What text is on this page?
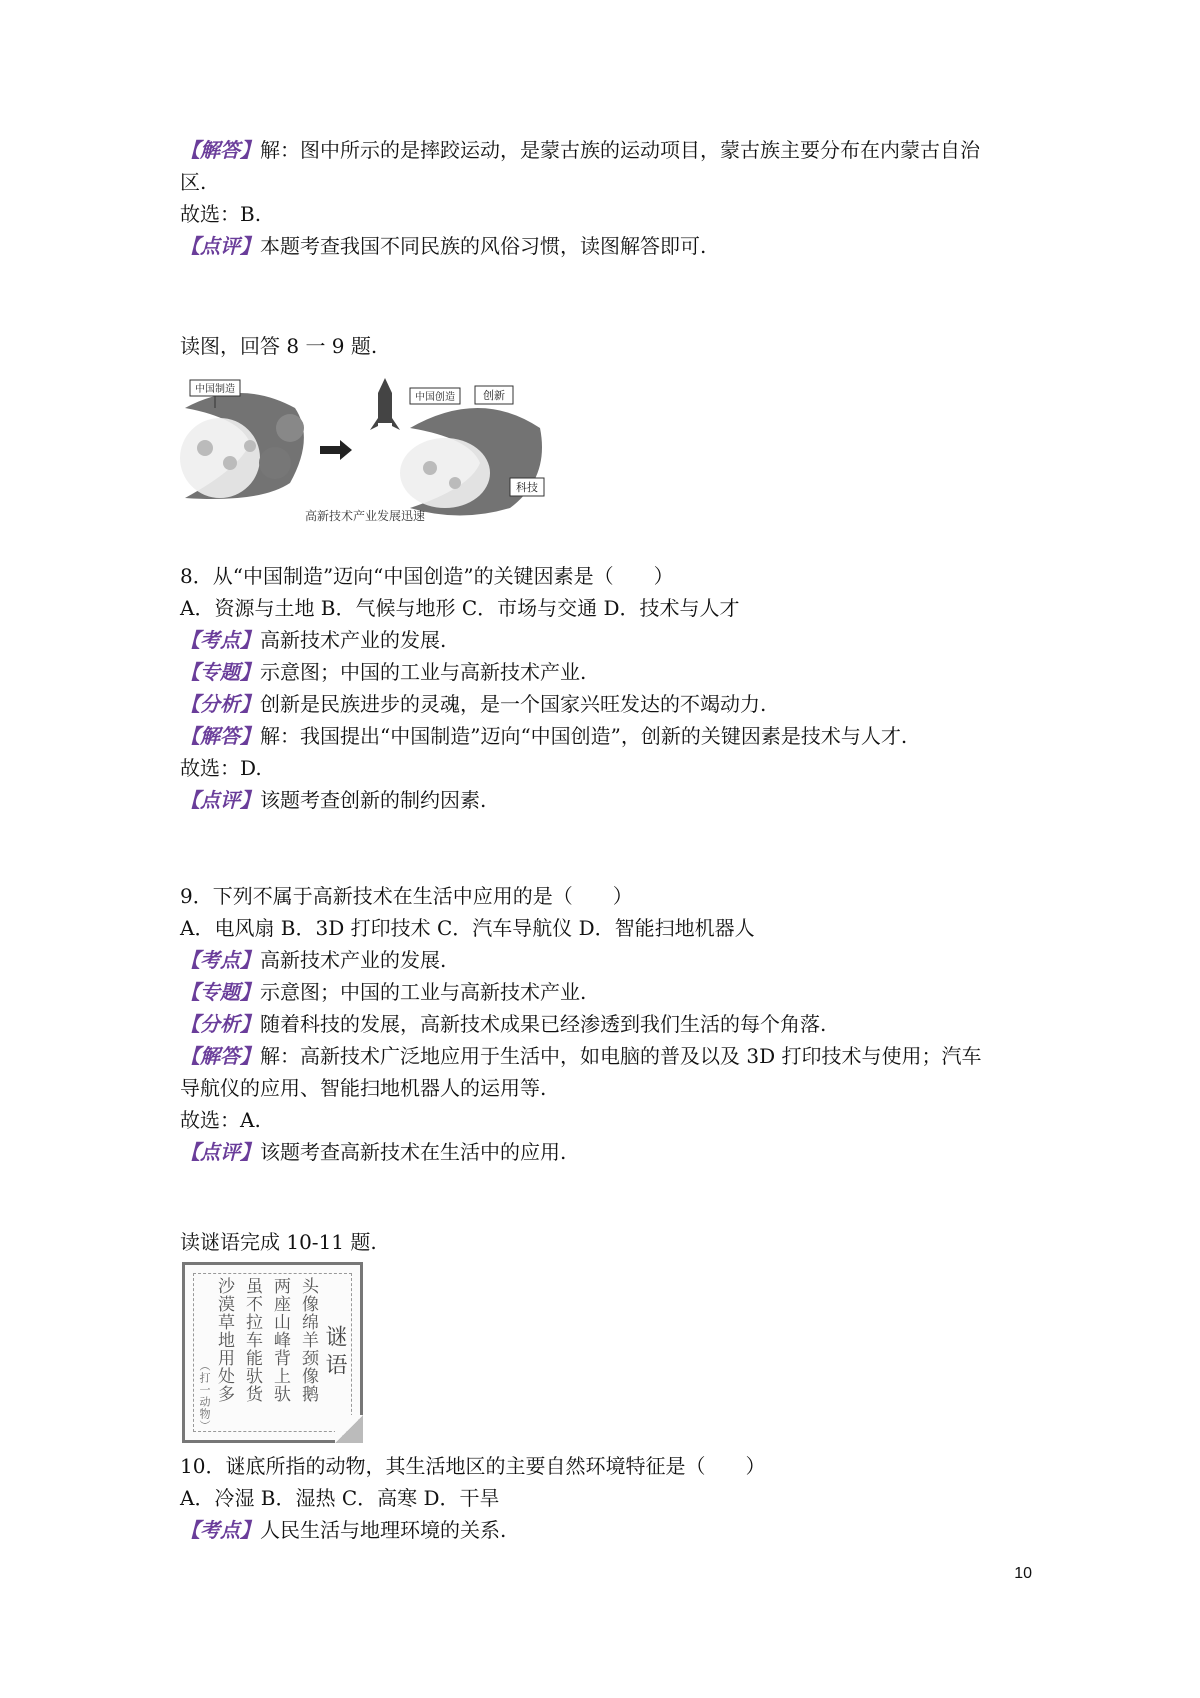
【解答】解：图中所示的是摔跤运动，是蒙古族的运动项目，蒙古族主要分布在内蒙古自治
区.
故选：B.
【点评】本题考查我国不同民族的风俗习惯，读图解答即可.
读图，回答 8 一 9 题.
中国制造
中国创造	创新
科技
高新技术产业发展迅速
8．从“中国制造”迈向“中国创造”的关键因素是（　　）
A．资源与土地 B．气候与地形 C．市场与交通 D．技术与人才
【考点】高新技术产业的发展.
【专题】示意图；中国的工业与高新技术产业.
【分析】创新是民族进步的灵魂，是一个国家兴旺发达的不竭动力.
【解答】解：我国提出“中国制造”迈向“中国创造”，创新的关键因素是技术与人才.
故选：D.
【点评】该题考查创新的制约因素.
9．下列不属于高新技术在生活中应用的是（　　）
A．电风扇 B．3D 打印技术 C．汽车导航仪 D．智能扫地机器人
【考点】高新技术产业的发展.
【专题】示意图；中国的工业与高新技术产业.
【分析】随着科技的发展，高新技术成果已经渗透到我们生活的每个角落.
【解答】解：高新技术广泛地应用于生活中，如电脑的普及以及 3D 打印技术与使用；汽车
导航仪的应用、智能扫地机器人的运用等.
故选：A.
【点评】该题考查高新技术在生活中的应用.
读谜语完成 10-11 题.
谜语
头像绵羊颈像鹅
两座山峰背上驮
虽不拉车能驮货
沙漠草地用处多
（打一动物）
10．谜底所指的动物，其生活地区的主要自然环境特征是（　　）
A．冷湿 B．湿热 C．高寒 D．干旱
【考点】人民生活与地理环境的关系.
10
